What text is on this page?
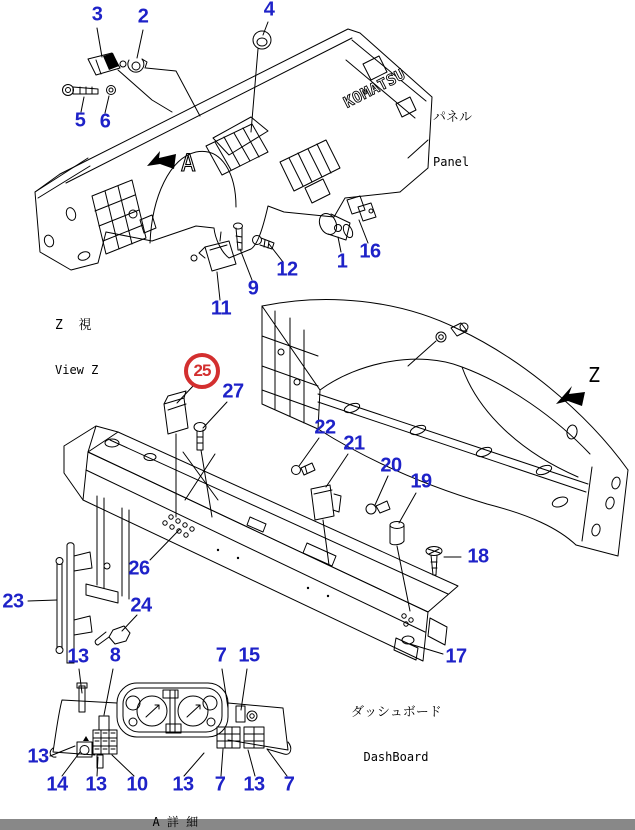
KOMATSU
A
Z

パネル

Panel

Z  視

View Z

ダッシュボード

DashBoard

A 詳 細

3 2	4
5 6
16
1
12
9
11
25
27
22
21
20
19
18
17
26
23	24
13 8	7 15
13
14 13 10 13 7 13 7
